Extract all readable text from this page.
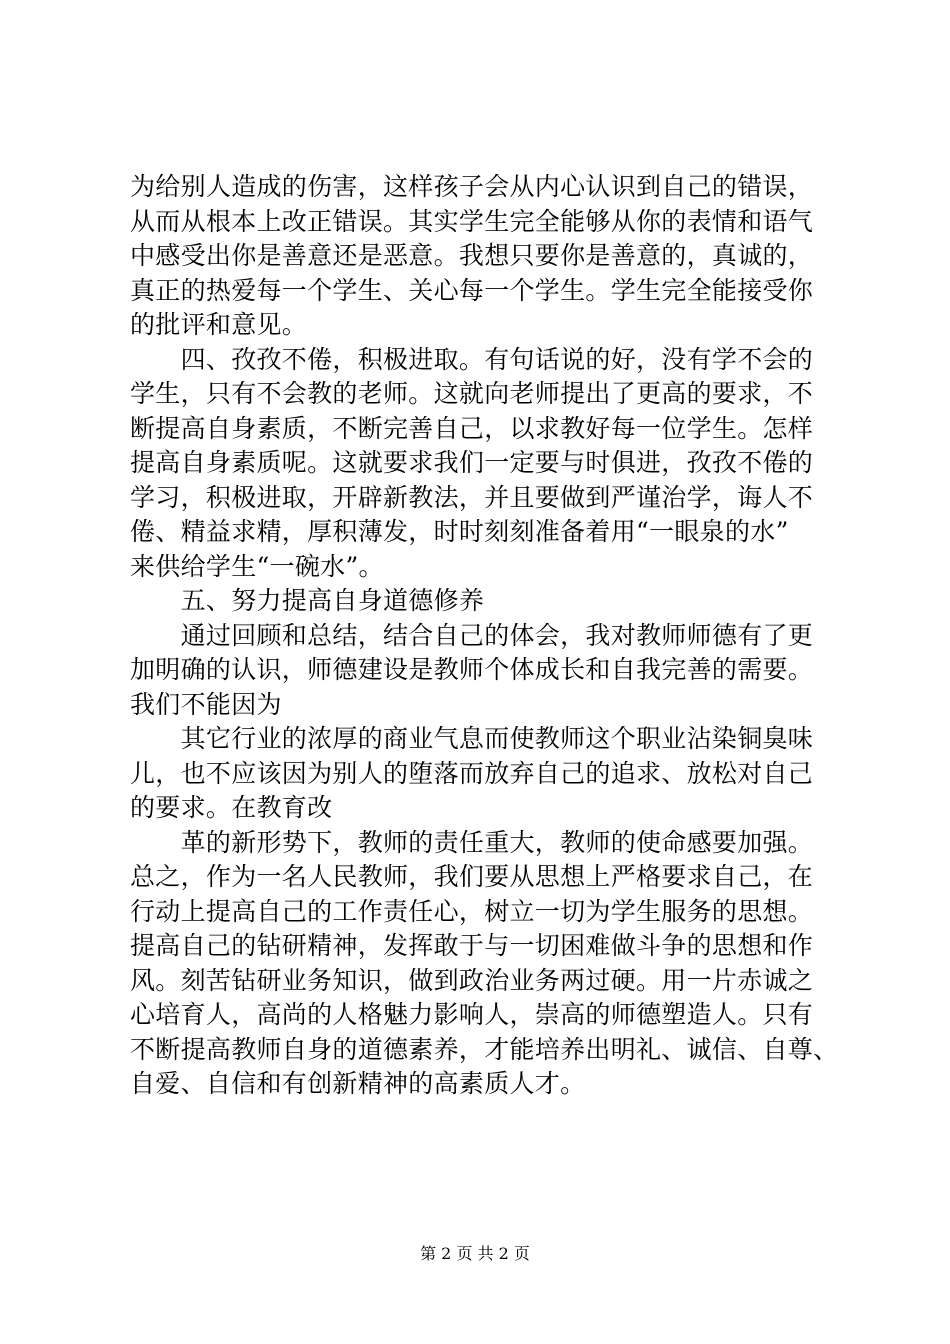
为给别人造成的伤害，这样孩子会从内心认识到自己的错误，
从而从根本上改正错误。其实学生完全能够从你的表情和语气
中感受出你是善意还是恶意。我想只要你是善意的，真诚的，
真正的热爱每一个学生、关心每一个学生。学生完全能接受你
的批评和意见。
　　四、孜孜不倦，积极进取。有句话说的好，没有学不会的
学生，只有不会教的老师。这就向老师提出了更高的要求，不
断提高自身素质，不断完善自己，以求教好每一位学生。怎样
提高自身素质呢。这就要求我们一定要与时俱进，孜孜不倦的
学习，积极进取，开辟新教法，并且要做到严谨治学，诲人不
倦、精益求精，厚积薄发，时时刻刻准备着用“一眼泉的水”
来供给学生“一碗水”。
　　五、努力提高自身道德修养
　　通过回顾和总结，结合自己的体会，我对教师师德有了更
加明确的认识，师德建设是教师个体成长和自我完善的需要。
我们不能因为
　　其它行业的浓厚的商业气息而使教师这个职业沾染铜臭味
儿，也不应该因为别人的堕落而放弃自己的追求、放松对自己
的要求。在教育改
　　革的新形势下，教师的责任重大，教师的使命感要加强。
总之，作为一名人民教师，我们要从思想上严格要求自己，在
行动上提高自己的工作责任心，树立一切为学生服务的思想。
提高自己的钻研精神，发挥敢于与一切困难做斗争的思想和作
风。刻苦钻研业务知识，做到政治业务两过硬。用一片赤诚之
心培育人，高尚的人格魅力影响人，崇高的师德塑造人。只有
不断提高教师自身的道德素养，才能培养出明礼、诚信、自尊、
自爱、自信和有创新精神的高素质人才。
第 2 页 共 2 页
